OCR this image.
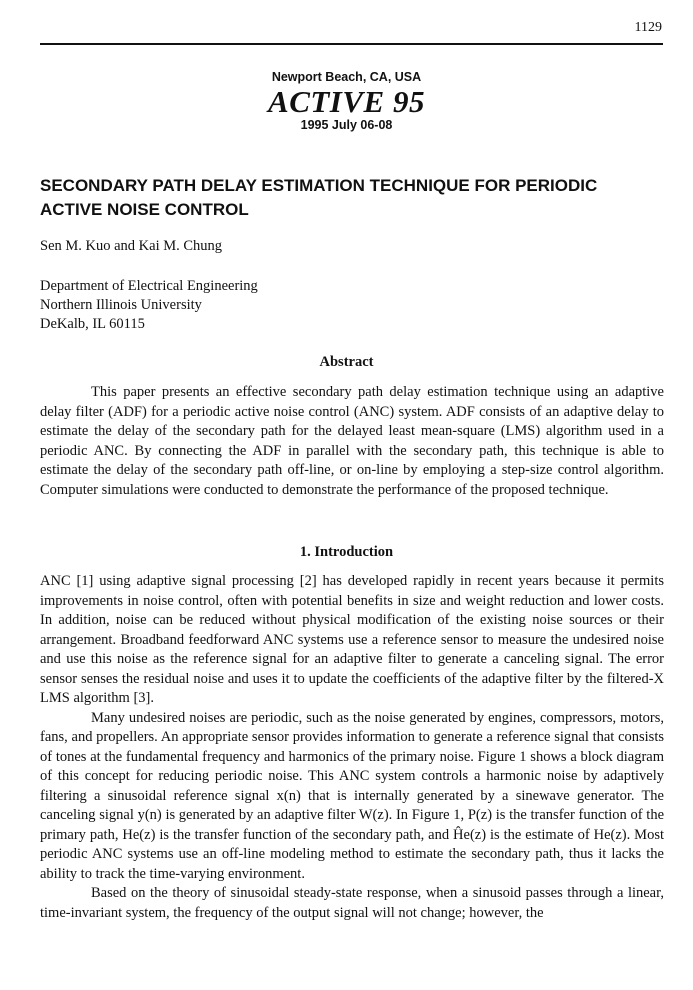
1129
Newport Beach, CA, USA
ACTIVE 95
1995 July 06-08
SECONDARY PATH DELAY ESTIMATION TECHNIQUE FOR PERIODIC ACTIVE NOISE CONTROL
Sen M. Kuo and Kai M. Chung
Department of Electrical Engineering
Northern Illinois University
DeKalb, IL 60115
Abstract

This paper presents an effective secondary path delay estimation technique using an adaptive delay filter (ADF) for a periodic active noise control (ANC) system. ADF consists of an adaptive delay to estimate the delay of the secondary path for the delayed least mean-square (LMS) algorithm used in a periodic ANC. By connecting the ADF in parallel with the secondary path, this technique is able to estimate the delay of the secondary path off-line, or on-line by employing a step-size control algorithm. Computer simulations were conducted to demonstrate the performance of the proposed technique.

1. Introduction

ANC [1] using adaptive signal processing [2] has developed rapidly in recent years because it permits improvements in noise control, often with potential benefits in size and weight reduction and lower costs. In addition, noise can be reduced without physical modification of the existing noise sources or their arrangement. Broadband feedforward ANC systems use a reference sensor to measure the undesired noise and use this noise as the reference signal for an adaptive filter to generate a canceling signal. The error sensor senses the residual noise and uses it to update the coefficients of the adaptive filter by the filtered-X LMS algorithm [3].

Many undesired noises are periodic, such as the noise generated by engines, compressors, motors, fans, and propellers. An appropriate sensor provides information to generate a reference signal that consists of tones at the fundamental frequency and harmonics of the primary noise. Figure 1 shows a block diagram of this concept for reducing periodic noise. This ANC system controls a harmonic noise by adaptively filtering a sinusoidal reference signal x(n) that is internally generated by a sinewave generator. The canceling signal y(n) is generated by an adaptive filter W(z). In Figure 1, P(z) is the transfer function of the primary path, He(z) is the transfer function of the secondary path, and Ĥe(z) is the estimate of He(z). Most periodic ANC systems use an off-line modeling method to estimate the secondary path, thus it lacks the ability to track the time-varying environment.

Based on the theory of sinusoidal steady-state response, when a sinusoid passes through a linear, time-invariant system, the frequency of the output signal will not change; however, the
